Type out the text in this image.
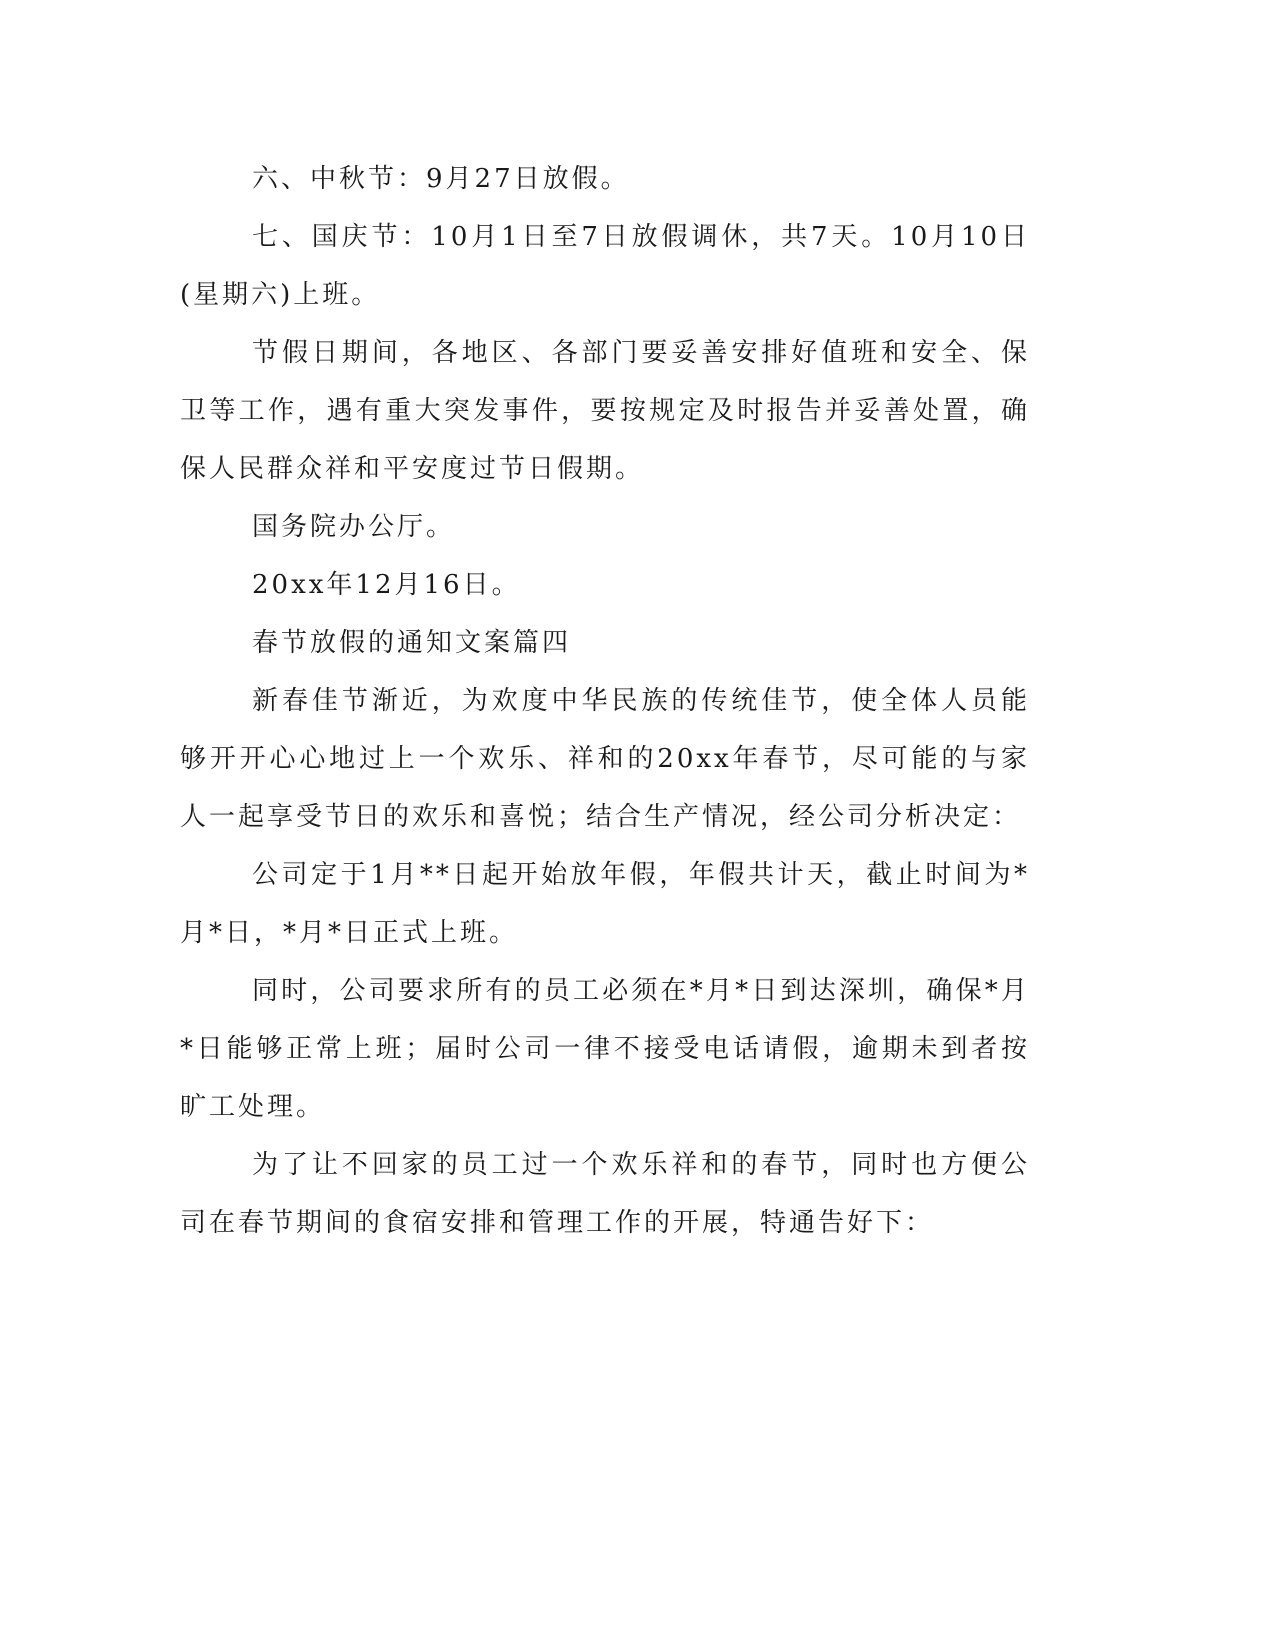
六、中秋节：9月27日放假。

七、国庆节：10月1日至7日放假调休，共7天。10月10日(星期六)上班。

节假日期间，各地区、各部门要妥善安排好值班和安全、保卫等工作，遇有重大突发事件，要按规定及时报告并妥善处置，确保人民群众祥和平安度过节日假期。

国务院办公厅。

20xx年12月16日。

春节放假的通知文案篇四

新春佳节渐近，为欢度中华民族的传统佳节，使全体人员能够开开心心地过上一个欢乐、祥和的20xx年春节，尽可能的与家人一起享受节日的欢乐和喜悦；结合生产情况，经公司分析决定：

公司定于1月**日起开始放年假，年假共计天，截止时间为*月*日，*月*日正式上班。

同时，公司要求所有的员工必须在*月*日到达深圳，确保*月*日能够正常上班；届时公司一律不接受电话请假，逾期未到者按旷工处理。

为了让不回家的员工过一个欢乐祥和的春节，同时也方便公司在春节期间的食宿安排和管理工作的开展，特通告好下：
